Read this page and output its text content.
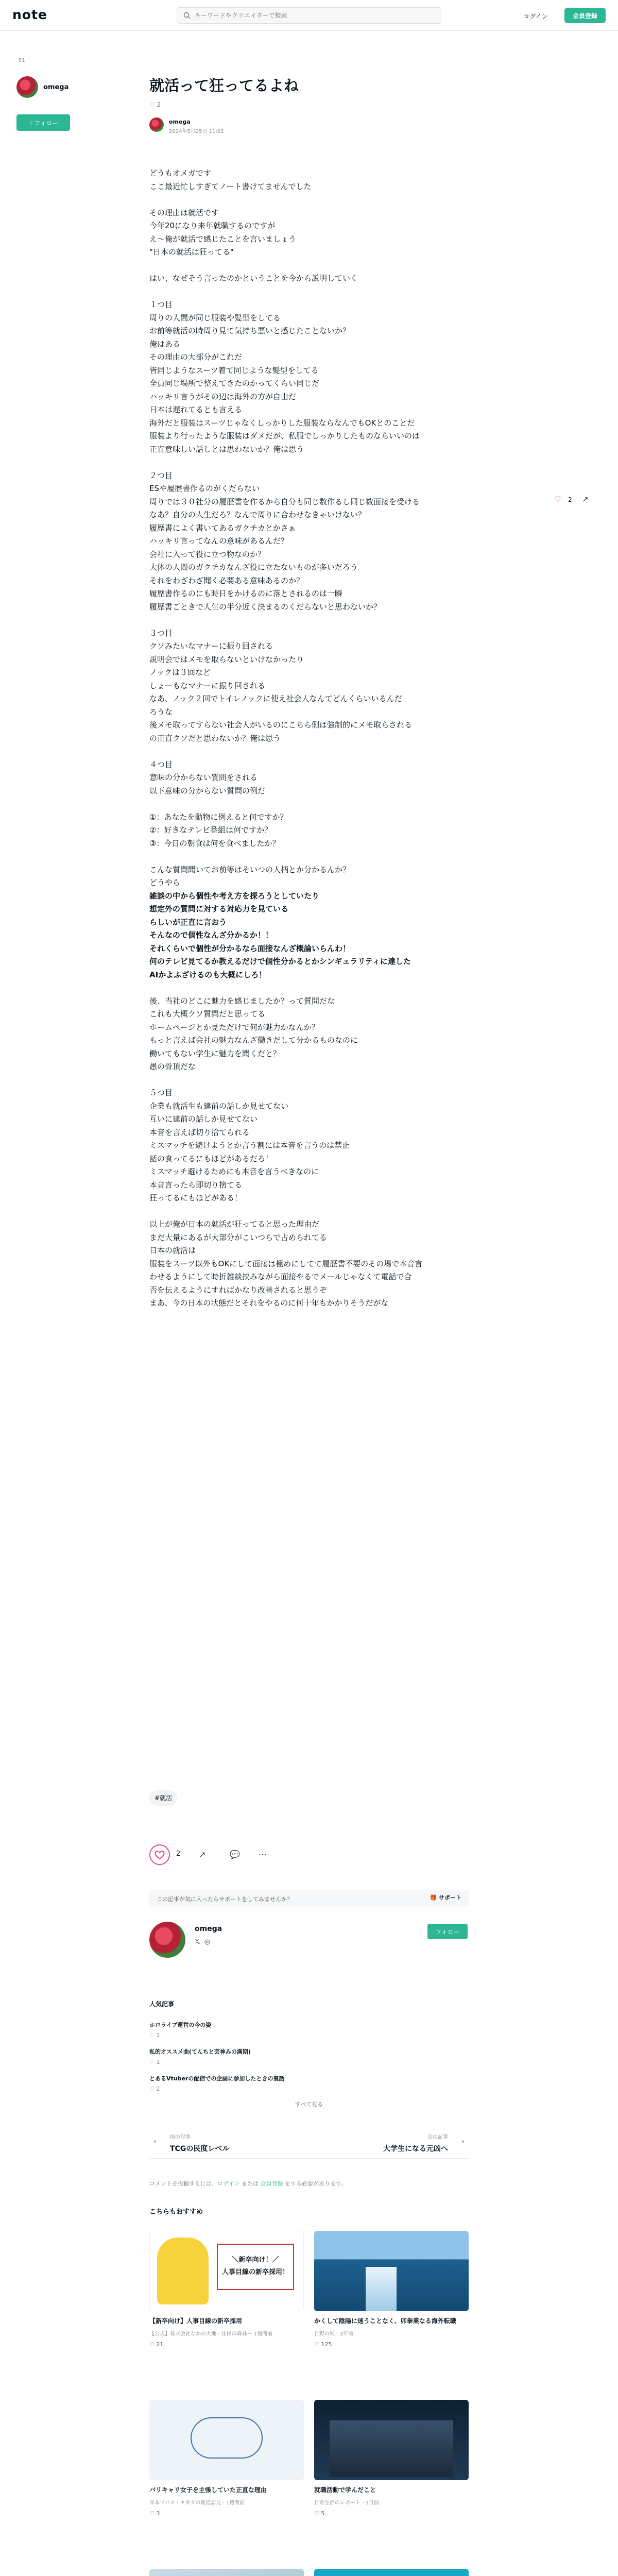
note
キーワードやクリエイターで検索	ログイン	会員登録
51
omega
＋フォロー
就活って狂ってるよね
♡ 2
omega
2024年5月25日 11:02

どうもオメガです

ここ最近忙しすぎてノート書けてませんでした

その理由は就活です

今年20になり来年就職するのですが

え〜俺が就活で感じたことを言いましょう

"日本の就活は狂ってる"

はい、なぜそう言ったのかということを今から説明していく

１つ目

周りの人間が同じ服装や髪型をしてる

お前等就活の時周り見て気持ち悪いと感じたことないか？

俺はある

その理由の大部分がこれだ

皆同じようなスーツ着て同じような髪型をしてる

全員同じ場所で整えてきたのかってくらい同じだ

ハッキリ言うがその辺は海外の方が自由だ

日本は遅れてるとも言える

海外だと服装はスーツじゃなくしっかりした服装ならなんでもOKとのことだ

服装より行ったような服装はダメだが、私服でしっかりしたものならいいのは

正直意味しい話しとは思わないか？俺は思う

２つ目

ESや履歴書作るのがくだらない

周りでは３０社分の履歴書を作るから自分も同じ数作るし同じ数面接を受ける

なあ？自分の人生だろ？なんで周りに合わせなきゃいけない？

履歴書によく書いてあるガクチカとかさぁ

ハッキリ言ってなんの意味があるんだ？

会社に入って役に立つ物なのか？

大体の人間のガクチカなんざ役に立たないものが多いだろう

それをわざわざ聞く必要ある意味あるのか？

履歴書作るのにも時日をかけるのに落とされるのは一瞬

履歴書ごときで人生の半分近く決まるのくだらないと思わないか？

３つ目

クソみたいなマナーに振り回される

説明会ではメモを取らないといけなかったり

ノックは３回など

しょーもなマナーに振り回される

なあ、ノック２回でトイレノックに使え社会人なんてどんくらいいるんだ

ろうな

後メモ取ってすらない社会人がいるのにこちら側は強制的にメモ取らされる

の正直クソだと思わないか？俺は思う

４つ目

意味の分からない質問をされる

以下意味の分からない質問の例だ

①：あなたを動物に例えると何ですか？

②：好きなテレビ番組は何ですか？

③：今日の朝食は何を食べましたか？

こんな質問聞いてお前等はそいつの人柄とか分かるんか？

どうやら

雑談の中から個性や考え方を探ろうとしていたり

想定外の質問に対する対応力を見ている

らしいが正直に言おう

そんなので個性なんざ分かるか！！

それくらいで個性が分かるなら面接なんざ概論いらんわ！

何のテレビ見てるか教えるだけで個性分かるとかシンギュラリティに達した

AIかよふざけるのも大概にしろ！

後、当社のどこに魅力を感じましたか？って質問だな

これも大概クソ質問だと思ってる

ホームページとか見ただけで何が魅力かなんか？

もっと言えば会社の魅力なんざ働きだして分かるものなのに

働いてもない学生に魅力を聞くだと？

愚の骨頂だな

５つ目

企業も就活生も建前の話しか見せてない

互いに建前の話しか見せてない

本音を言えば切り捨てられる

ミスマッチを避けようとか言う割には本音を言うのは禁止

話の食ってるにもほどがあるだろ！

ミスマッチ避けるためにも本音を言うべきなのに

本音言ったら即切り捨てる

狂ってるにもほどがある！

以上が俺が日本の就活が狂ってると思った理由だ

まだ大量にあるが大部分がこいつらで占められてる

日本の就活は

服装をスーツ以外もOKにして面接は極めにしてて履歴書不要のその場で本音言

わせるようにして時折雑談挟みながら面接やるでメールじゃなくて電話で合

否を伝えるようにすればかなり改善されると思うぞ

まあ、今の日本の状態だとそれをやるのに何十年もかかりそうだがな

♡ 2 ↗
#就活
2 ↗	💬 ⋯
この記事が気に入ったらサポートをしてみませんか？	🎁 サポート
omega
𝕏 ◎
フォロー
人気記事
ホロライブ運営の今の姿
♡ 1
私的オススメ曲(てんちと芸神みの満期)
♡ 1
とあるVtuberの配信での企画に参加したときの裏話
♡ 2
すべて見る
‹
前の記事
TCGの民度レベル
次の記事
大学生になる元凶へ
›
コメントを投稿するには、ログイン または 会員登録 をする必要があります。
こちらもおすすめ
＼新卒向け！／
人事目線の新卒採用！
【新卒向け】人事目線の新卒採用
【公式】株式会社なかの大地 · 住民の森林ー 1週間前
♡ 21
かくして陰陽に迷うことなく、卯拳業なる海外転職
日野の私 · 3年前
♡ 125
バリキャリ女子を主張していた正直な理由
岸本ツバメ · キカクの報道語見 · 1週間前
♡ 3
就職活動で学んだこと
日常生活のレポート · 3日前
♡ 5
